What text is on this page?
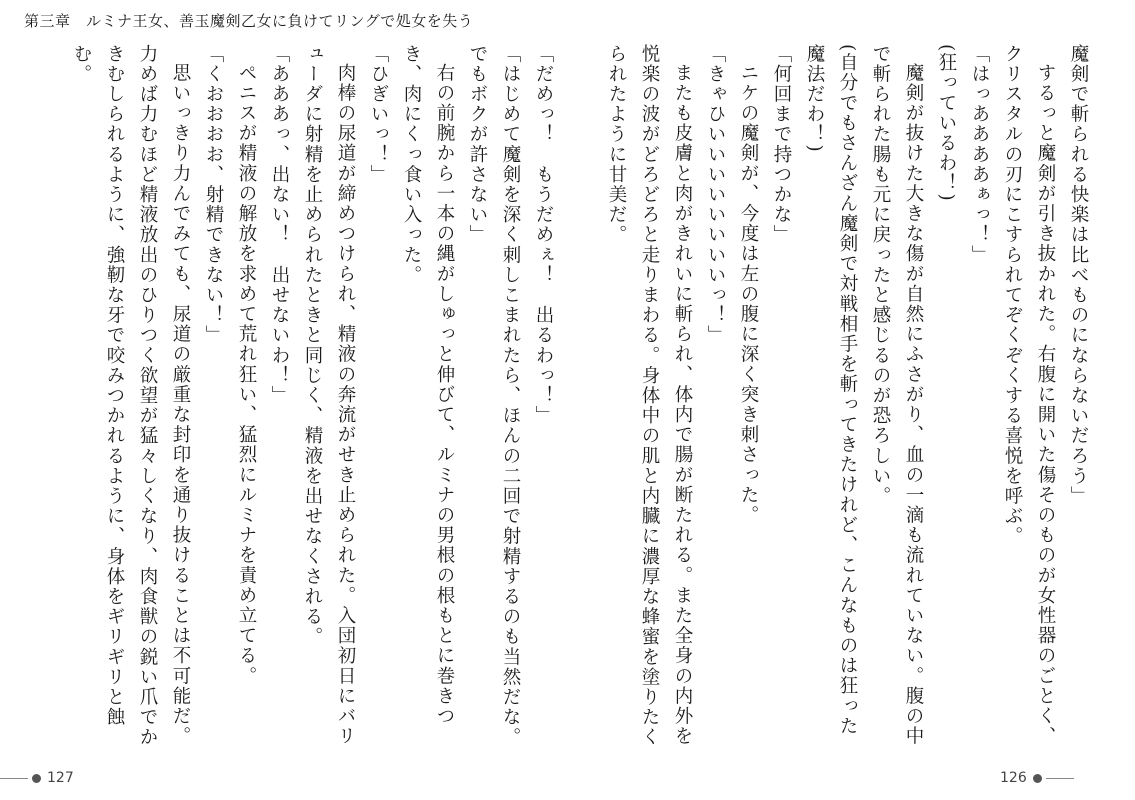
第三章　ルミナ王女、善玉魔剣乙女に負けてリングで処女を失う

魔剣で斬られる快楽は比べものにならないだろう」

するっと魔剣が引き抜かれた。右腹に開いた傷そのものが女性器のごとく、クリスタルの刃にこすられてぞくぞくする喜悦を呼ぶ。

「はっああああぁっ！」

(狂っているわ！)

魔剣が抜けた大きな傷が自然にふさがり、血の一滴も流れていない。腹の中で斬られた腸も元に戻ったと感じるのが恐ろしい。

(自分でもさんざん魔剣で対戦相手を斬ってきたけれど、こんなものは狂った魔法だわ！)

「何回まで持つかな」

ニケの魔剣が、今度は左の腹に深く突き刺さった。

「きゃひいいいいいいいいっ！」

またも皮膚と肉がきれいに斬られ、体内で腸が断たれる。また全身の内外を悦楽の波がどろどろと走りまわる。身体中の肌と内臓に濃厚な蜂蜜を塗りたくられたように甘美だ。

「だめっ！　もうだめぇ！　出るわっ！」

「はじめて魔剣を深く刺しこまれたら、ほんの二回で射精するのも当然だな。でもボクが許さない」

右の前腕から一本の縄がしゅっと伸びて、ルミナの男根の根もとに巻きつき、肉にくっ食い入った。

「ひぎいっ！」

肉棒の尿道が締めつけられ、精液の奔流がせき止められた。入団初日にバリューダに射精を止められたときと同じく、精液を出せなくされる。

「あああっ、出ない！　出せないわ！」

ペニスが精液の解放を求めて荒れ狂い、猛烈にルミナを責め立てる。

「くおおおお、射精できない！」

思いっきり力んでみても、尿道の厳重な封印を通り抜けることは不可能だ。力めば力むほど精液放出のひりつく欲望が猛々しくなり、肉食獣の鋭い爪でかきむしられるように、強靭な牙で咬みつかれるように、身体をギリギリと蝕む。

127	126
